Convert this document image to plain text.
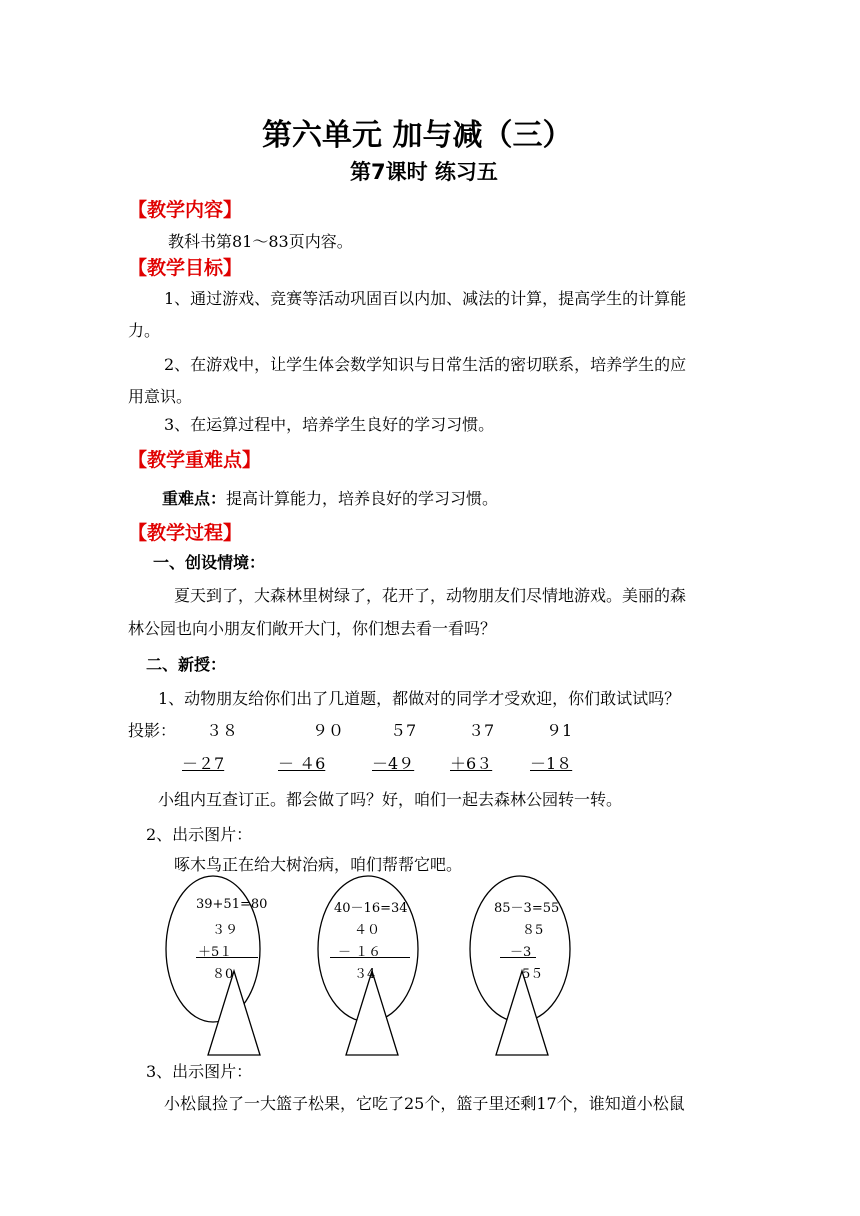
第六单元 加与减（三）
第7课时 练习五
【教学内容】
教科书第81～83页内容。
【教学目标】
1、通过游戏、竞赛等活动巩固百以内加、减法的计算，提高学生的计算能
力。
2、在游戏中，让学生体会数学知识与日常生活的密切联系，培养学生的应
用意识。
3、在运算过程中，培养学生良好的学习习惯。
【教学重难点】
重难点：提高计算能力，培养良好的学习习惯。
【教学过程】
一、创设情境：
夏天到了，大森林里树绿了，花开了，动物朋友们尽情地游戏。美丽的森
林公园也向小朋友们敞开大门，你们想去看一看吗？
二、新授：
1、动物朋友给你们出了几道题，都做对的同学才受欢迎，你们敢试试吗？
投影： ３８	９０	５7	３7	９1
－２7	－ ４6	－4９ ＋6３ －1８
小组内互查订正。都会做了吗？好，咱们一起去森林公园转一转。
2、出示图片：
啄木鸟正在给大树治病，咱们帮帮它吧。
39+51=80
３９
＋5１
８0
40－16=34
４０
－ １６
３4
85－3=55
８5
－3
5５
3、出示图片：
小松鼠捡了一大篮子松果，它吃了25个，篮子里还剩17个，谁知道小松鼠
